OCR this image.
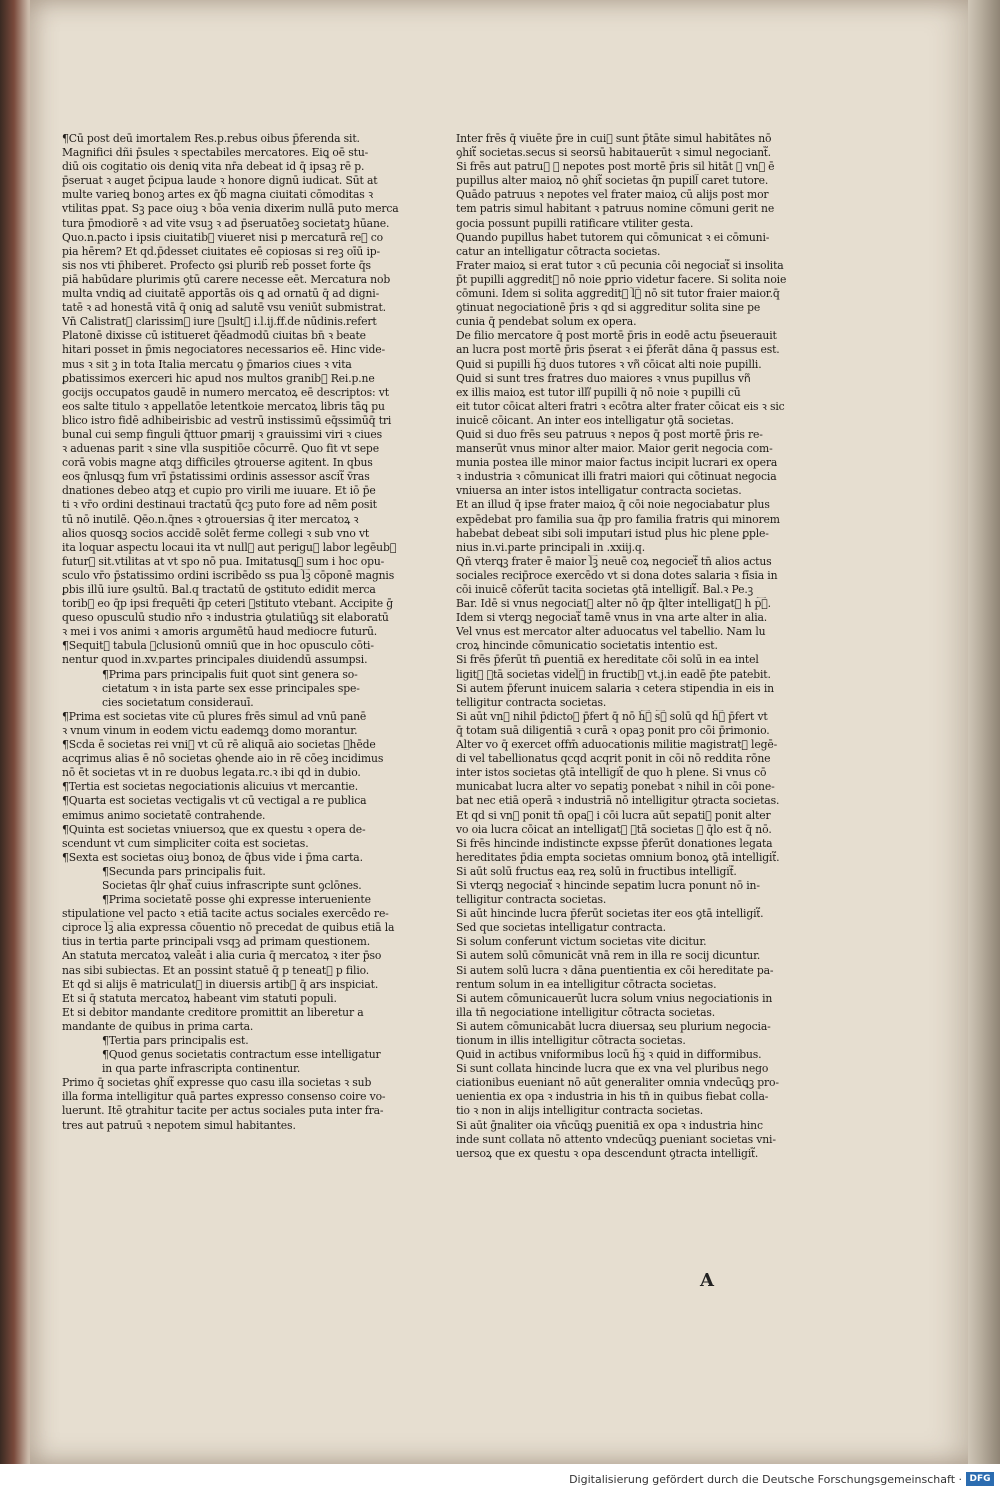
¶Cū post deū imortalem Res.p.rebus oibus p̄ferenda sit.
Magnifici dñi p̄sules ꝛ spectabiles mercatores. Eiꝗ oē stu-
diū ois cogitatio ois deniꝗ vita nr̄a debeat id q̄ ipsaꝫ rē p.
p̄seruat ꝛ auget p̄cipua laude ꝛ honore dignū iudicat. Sūt at
multe varieꝗ bonoꝫ artes ex q̄b᷑ magna ciuitati cōmoditas ꝛ
vtilitas ꝑpat. Sꝫ pace oiuꝫ ꝛ bōa venia dixerim nullā puto merca
tura p̄modiorē ꝛ ad vite vsuꝫ ꝛ ad p̄seruatōeꝫ societatꝫ hūane.
Quo.n.pacto i ipsis ciuitatib᷑ viueret nisi p mercaturā reꝫ co
pia hērem? Et qd.p̄desset ciuitates eē copiosas si reꝫ oīū ip-
sis nos vti p̄hiberet. Profecto ꝯsi plurib᷑ reb᷑ posset forte q̄s
piā habūdare plurimis ꝯtū carere necesse eēt. Mercatura nob
multa vndiꝗ ad ciuitatē apportās ois ꝗ ad ornatū q̄ ad digni-
tatē ꝛ ad honestā vitā q̄ oniꝗ ad salutē vsu veniūt submistrat.
Vn̄ Calistrat᷑ clarissim᷑ iure ꝯsult᷑ i.l.ij.ff.de nūdinis.refert
Platonē dixisse cū istitueret q̄ĕadmodū ciuitas bn̄ ꝛ beate
hitari posset in p̄mis negociatores necessarios eē. Hinc vide-
mus ꝛ sit ꝫ in tota Italia mercatu ꝯ p̄marios ciues ꝛ vita
ꝑbatissimos exerceri hic apud nos multos granib᷑ Rei.p.ne
gocijs occupatos gaudē in numero mercatoꝝ eē descriptos: vt
eos salte titulo ꝛ appellatōe letentk̄oie mercatoꝝ libris tāꝗ pu
blico istro fidē adhibeirisbic ad vestrū instissimū eq̄ssimūq̄ tri
bunal cui semp finguli q̄ttuor ꝑmarij ꝛ grauissimi viri ꝛ ciues
ꝛ aduenas parit ꝛ sine vlla suspitiōe cōcurrē. Quo fit vt sepe
corā vobis magne atqꝫ difficiles ꝯtrouerse agitent. In qbus
eos q̄nlusꝗꝫ fum vrī p̄statissimi ordinis assessor ascit᷑ v̄ras
d̄nationes debeo atqꝫ et cupio pro virili me iuuare. Et iō p̄e
ti ꝛ vr̄o ordini destinaui tractatū q̄cꝫ puto fore ad nēm ꝑosit
tū nō inutilē. Qēo.n.q̄nes ꝛ ꝯtrouersias q̄ iter mercatoꝝ ꝛ
alios quosꝗꝫ socios accidē solēt ferme collegi ꝛ sub vno vt
ita loquar aspectu locaui ita vt null᷑ aut perigu᷑ labor legēub᷑
futur᷑ sit.vtilitas at vt spo nō pua. Imitatusꝗꝫ sum i hoc opu-
sculo vr̄o p̄statissimo ordini iscribēdo ss pua l͡ꝫ cōponē magnis
ꝑbis illū iure ꝯsultū. Bal.q tractatū de ꝯstituto edidit merca
torib᷑ eo q̄p ipsi frequēti q̄p ceteri ꝯstituto vtebant. Accipite ḡ
queso opusculū studio nr̄o ꝛ industria ꝯtulatiūꝗꝫ sit elaboratū
ꝛ mei i vos animi ꝛ amoris argumētū haud mediocre futurū.
¶Sequit᷑ tabula ꝯclusionū omniū que in hoc opusculo cōti-
nentur quod in.xv.partes principales diuidendū assumpsi.
¶Prima pars principalis fuit quot sint genera so-
cietatum ꝛ in ista parte sex esse principales spe-
cies societatum considerauī.
¶Prima est societas vite cū plures frēs simul ad vnū panē
ꝛ vnum vinum in eodem victu eademꝗꝫ domo morantur.
¶Scd̄a ē societas rei vni᷑ vt cū rē aliquā aio societas ꝯhēde
acqrimus alias ē nō societas ꝯhende aio in rē cōeꝫ incidimus
nō ēt societas vt in re duobus legata.rc.ꝛ ibi qd in dubio.
¶Tertia est societas negociationis alicuius vt mercantie.
¶Quarta est societas vectigalis vt cū vectigal a re publica
emimus animo societatē contrahende.
¶Quinta est societas vniuersoꝝ que ex questu ꝛ opera de-
scendunt vt cum simpliciter coita est societas.
¶Sexta est societas oiuꝫ bonoꝝ de q̄bus vide i p̄ma carta.
¶Secunda pars principalis fuit.
Societas q̄lr ꝯhat᷑ cuius infrascripte sunt ꝯclōnes.
¶Prima societatē posse ꝯhi expresse interueniente
stipulatione vel pacto ꝛ etiā tacite actus sociales exercēdo re-
ciproce l͡ꝫ alia expressa cōuentio nō precedat de quibus etiā la
tius in tertia parte principali vsqꝫ ad primam questionem.
An statuta mercatoꝝ valeāt i alia curia q̄ mercatoꝝ ꝛ iter p̄so
nas sibi subiectas. Et an possint statuē q̄ p teneat᷑ p filio.
Et qd si alijs ē matriculat᷑ in diuersis artib᷑ q̄ ars inspiciat.
Et si q̄ statuta mercatoꝝ habeant vim statuti populi.
Et si debitor mandante creditore promittit an liberetur a
mandante de quibus in prima carta.
¶Tertia pars principalis est.
¶Quod genus societatis contractum esse intelligatur
in qua parte infrascripta continentur.
Primo q̄ societas ꝯhit᷑ expresse quo casu illa societas ꝛ sub
illa forma intelligitur quā partes expresso consenso coire vo-
luerunt. Itē ꝯtrahitur tacite per actus sociales puta inter fra-
tres aut patruū ꝛ nepotem simul habitantes.
Inter frēs q̄ viuēte p̄re in cui᷑ sunt p̄tāte simul habitātes nō
ꝯhit᷑ societas.secus si seorsū habitauerūt ꝛ simul negociant᷑.
Si frēs aut patru᷑ ꝛ nepotes post mortē p̄ris sil̄ hitāt ꝛ vn᷑ ē
pupillus alter maioꝝ nō ꝯhit᷑ societas q̄n pupill᷑ caret tutore.
Quādo patruus ꝛ nepotes vel frater maioꝝ cū alijs post mor
tem patris simul habitant ꝛ patruus nomine cōmuni gerit ne
gocia possunt pupilli ratificare vtiliter gesta.
Quando pupillus habet tutorem qui cōmunicat ꝛ ei cōmuni-
catur an intelligatur cōtracta societas.
Frater maioꝝ si erat tutor ꝛ cū pecunia cōi negociat᷑ si insolita
p̄t pupilli aggredit᷑ nō noie ꝑprio videtur facere. Si solita noie
cōmuni. Idem si solita aggredit᷑ l͡ꝫ nō sit tutor fraier maior.q̄
ꝯtinuat negociationē p̄ris ꝛ qd si aggreditur solita sine pe
cunia q̄ pendebat solum ex opera.
De filio mercatore q̄ post mortē p̄ris in eodē actu p̄seuerauit
an lucra post mortē p̄ris p̄serat ꝛ ei p̄ferāt dāna q̄ passus est.
Quid si pupilli h͡ꝫ duos tutores ꝛ vn᷑ cōicat alt̄i noie pupilli.
Quid si sunt tres fratres duo maiores ꝛ vnus pupillus vn᷑
ex illis maioꝝ est tutor illi᷑ pupilli q̄ nō noie ꝛ pupilli cū
eit tutor cōicat alteri fratri ꝛ ecōtra alter frater cōicat eis ꝛ sic
inuicē cōicant. An inter eos intelligatur ꝯtā societas.
Quid si duo frēs seu patruus ꝛ nepos q̄ post mortē p̄ris re-
manserūt vnus minor alter maior. Maior gerit negocia com-
munia postea ille minor maior factus incipit lucrari ex opera
ꝛ industria ꝛ cōmunicat illi fratri maiori qui cōtinuat negocia
vniuersa an inter istos intelligatur contracta societas.
Et an illud q̄ ipse frater maioꝝ q̄ cōi noie negociabatur plus
expēdebat pro familia sua q̄p pro familia fratris qui minorem
habebat debeat sibi soli imputari istud plus hic plene ꝑple-
nius in.vi.parte principali in .xxiij.q.
Qñ vterꝗꝫ frater ē maior l͡ꝫ neuē coꝝ negociet᷑ tn̄ alios actus
sociales recip̄roce exercēdo vt si dona dotes salaria ꝛ fīsia in
cōi inuicē cōferūt tacita societas ꝯtā intelligit᷑. Bal.ꝛ Pe.ꝫ
Bar. Idē si vnus negociat᷑ alter nō q̄p q̄lter intelligat᷑ h p͡ꝫ.
Idem si vterꝗꝫ negociat᷑ tamē vnus in vna arte alter in alia.
Vel vnus est mercator alter aduocatus vel tabellio. Nam lu
croꝝ hincinde cōmunicatio societatis intentio est.
Si frēs p̄ferūt tn̄ ꝑuentiā ex hereditate cōi solū in ea intel
ligit᷑ ꝯtā societas videl͡ꝫ in fructib᷑ vt.j.in eadē p̄te patebit.
Si autem p̄ferunt inuicem salaria ꝛ cetera stipendia in eis in
telligitur contracta societas.
Si aūt vn᷑ nihil p̄dictoꝝ p̄fert q̄ nō h͡ꝫ s͡ꝫ solū qd̄ h͡ꝫ p̄fert vt
q̄ totam suā diligentiā ꝛ curā ꝛ opaꝫ ponit pro cōi p̄rimonio.
Alter vo q̄ exercet offm̄ aduocationis militie magistrat᷑ legē-
di vel tabellionatus qcqd acqrit ponit in cōi nō reddita rōne
inter istos societas ꝯtā intelligit᷑ de quo h plene. Si vnus cō
municabat lucra alter vo sepatiꝫ ponebat ꝛ nihil in cōi pone-
bat nec etiā operā ꝛ industriā nō intelligitur ꝯtracta societas.
Et qd si vn᷑ ponit tn̄ opaꝫ i cōi lucra aūt sepatiꝫ ponit alter
vo oia lucra cōicat an intelligat᷑ ꝯtā societas ꝛ q̄lo est q̄ nō.
Si frēs hincinde indistincte expsse p̄ferūt donationes legata
hereditates p̄dia empta societas omnium bonoꝝ ꝯtā intelligit᷑.
Si aūt solū fructus eaꝝ reꝝ solū in fructibus intelligit᷑.
Si vterꝗꝫ negociat᷑ ꝛ hincinde sepatim lucra ponunt nō in-
telligitur contracta societas.
Si aūt hincinde lucra p̄ferūt societas iter eos ꝯtā intelligit᷑.
Sed que societas intelligatur contracta.
Si solum conferunt victum societas vite dicitur.
Si autem solū cōmunicāt vnā rem in illa re socij dicuntur.
Si autem solū lucra ꝛ dāna ꝑuentientia ex cōi hereditate pa-
rentum solum in ea intelligitur cōtracta societas.
Si autem cōmunicauerūt lucra solum vnius negociationis in
illa tn̄ negociatione intelligitur cōtracta societas.
Si autem cōmunicabāt lucra diuersaꝝ seu plurium negocia-
tionum in illis intelligitur cōtracta societas.
Quid in actibus vniformibus locū h͡ꝫ ꝛ quid in difformibus.
Si sunt collata hincinde lucra que ex vna vel pluribus nego
ciationibus eueniant nō aūt generaliter omnia vndecūꝗꝫ pro-
uenientia ex opa ꝛ industria in his tn̄ in quibus fiebat colla-
tio ꝛ non in alijs intelligitur contracta societas.
Si aūt ḡnaliter oia vn̄cūꝗꝫ ꝑuenitiā ex opa ꝛ industria hinc
inde sunt collata nō attento vndecūꝗꝫ ꝑueniant societas vni-
uersoꝝ que ex questu ꝛ opa descendunt ꝯtracta intelligit᷑.
A
Digitalisierung gefördert durch die Deutsche Forschungsgemeinschaft · DFG
